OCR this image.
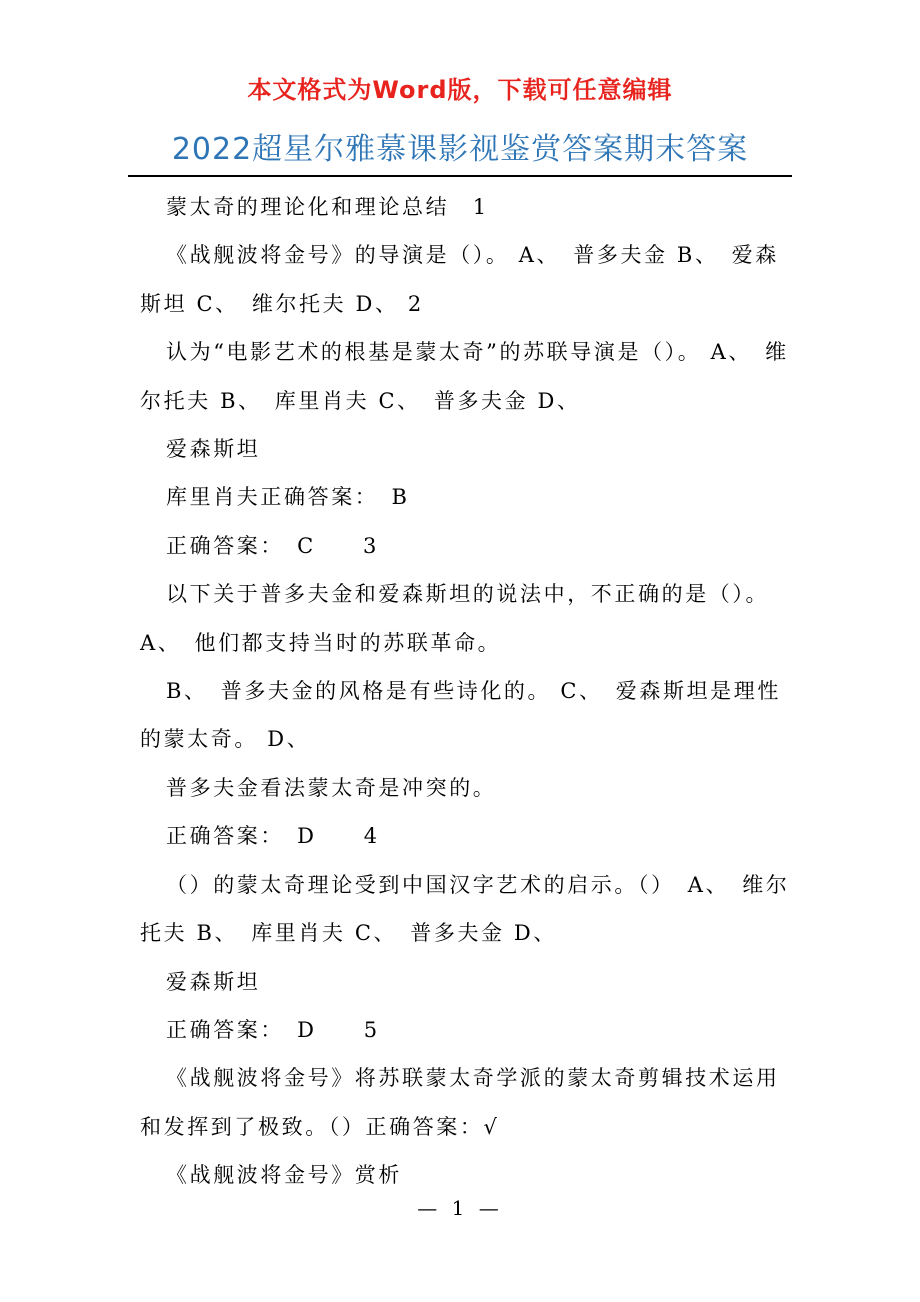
本文格式为Word版，下载可任意编辑
2022超星尔雅慕课影视鉴赏答案期末答案

蒙太奇的理论化和理论总结　1

《战舰波将金号》的导演是（）。 A、　普多夫金 B、　爱森斯坦 C、　维尔托夫 D、 2

认为“电影艺术的根基是蒙太奇”的苏联导演是（）。 A、　维尔托夫 B、　库里肖夫 C、　普多夫金 D、

爱森斯坦

库里肖夫正确答案：　B

正确答案：　C　　3

以下关于普多夫金和爱森斯坦的说法中，不正确的是（）。 A、　他们都支持当时的苏联革命。

B、　普多夫金的风格是有些诗化的。 C、　爱森斯坦是理性的蒙太奇。 D、

普多夫金看法蒙太奇是冲突的。

正确答案：　D　　4

（）的蒙太奇理论受到中国汉字艺术的启示。（）　A、　维尔托夫 B、　库里肖夫 C、　普多夫金 D、

爱森斯坦

正确答案：　D　　5

《战舰波将金号》将苏联蒙太奇学派的蒙太奇剪辑技术运用和发挥到了极致。（）正确答案：√

《战舰波将金号》赏析

— 1 —
